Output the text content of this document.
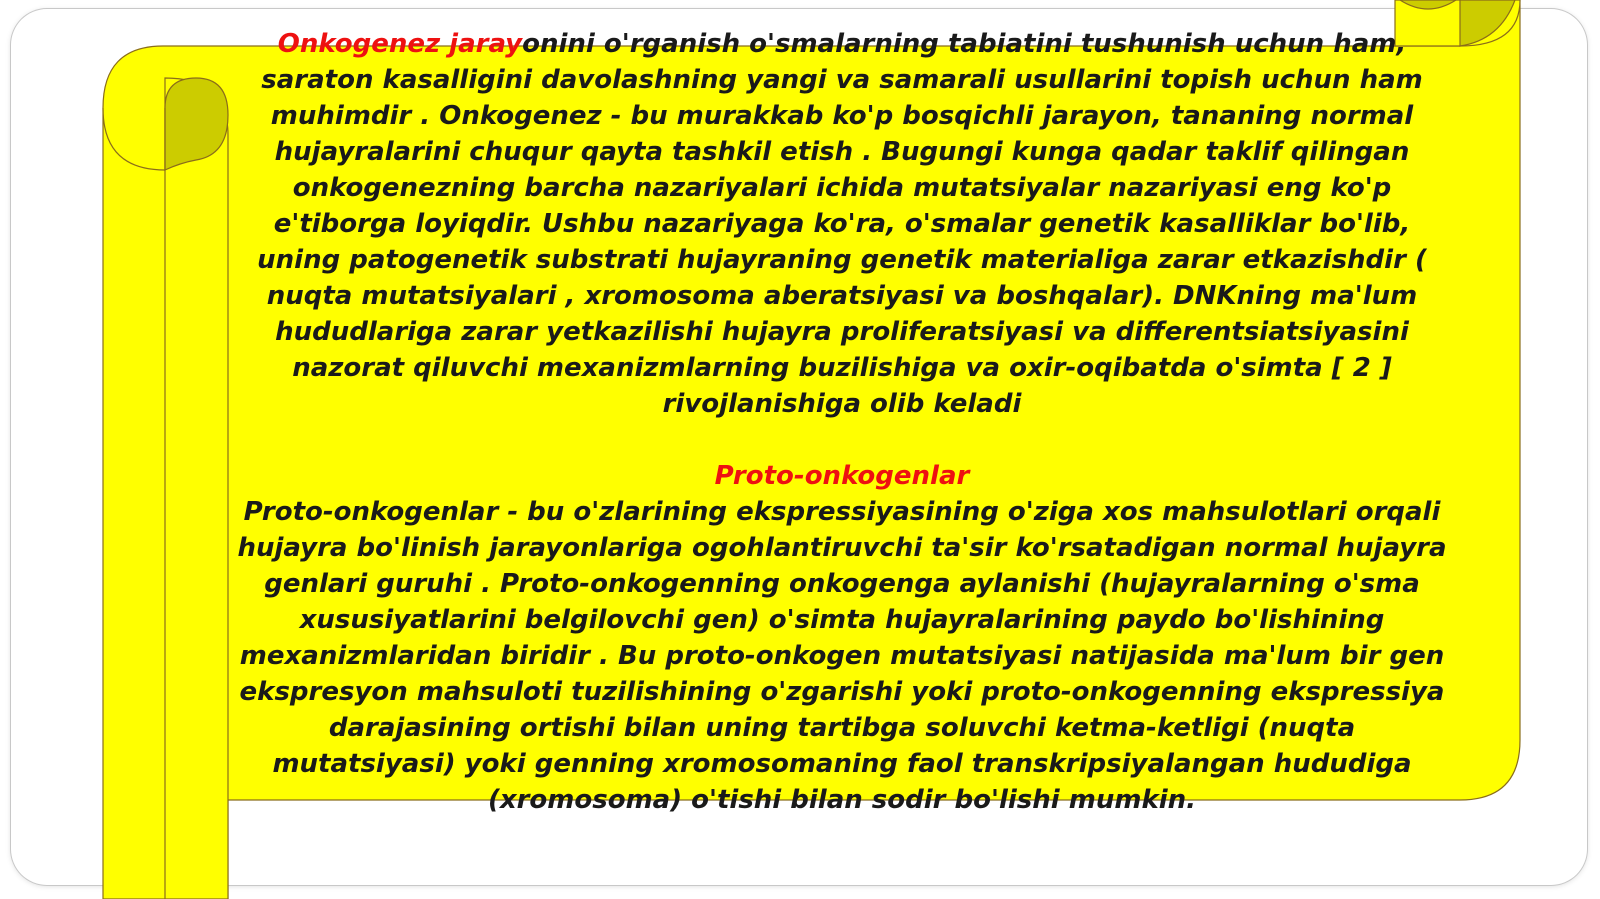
Onkogenez jarayonini o'rganish o'smalarning tabiatini tushunish uchun ham, saraton kasalligini davolashning yangi va samarali usullarini topish uchun ham muhimdir . Onkogenez - bu murakkab ko'p bosqichli jarayon, tananing normal hujayralarini chuqur qayta tashkil etish . Bugungi kunga qadar taklif qilingan onkogenezning barcha nazariyalari ichida mutatsiyalar nazariyasi eng ko'p e'tiborga loyiqdir. Ushbu nazariyaga ko'ra, o'smalar genetik kasalliklar bo'lib, uning patogenetik substrati hujayraning genetik materialiga zarar etkazishdir ( nuqta mutatsiyalari , xromosoma aberatsiyasi va boshqalar). DNKning ma'lum hududlariga zarar yetkazilishi hujayra proliferatsiyasi va differentsiatsiyasini nazorat qiluvchi mexanizmlarning buzilishiga va oxir-oqibatda o'simta [ 2 ] rivojlanishiga olib keladi

Proto-onkogenlar

Proto-onkogenlar - bu o'zlarining ekspressiyasining o'ziga xos mahsulotlari orqali hujayra bo'linish jarayonlariga ogohlantiruvchi ta'sir ko'rsatadigan normal hujayra genlari guruhi . Proto-onkogenning onkogenga aylanishi (hujayralarning o'sma xususiyatlarini belgilovchi gen) o'simta hujayralarining paydo bo'lishining mexanizmlaridan biridir . Bu proto-onkogen mutatsiyasi natijasida ma'lum bir gen ekspresyon mahsuloti tuzilishining o'zgarishi yoki proto-onkogenning ekspressiya darajasining ortishi bilan uning tartibga soluvchi ketma-ketligi (nuqta mutatsiyasi) yoki genning xromosomaning faol transkripsiyalangan hududiga (xromosoma) o'tishi bilan sodir bo'lishi mumkin.
